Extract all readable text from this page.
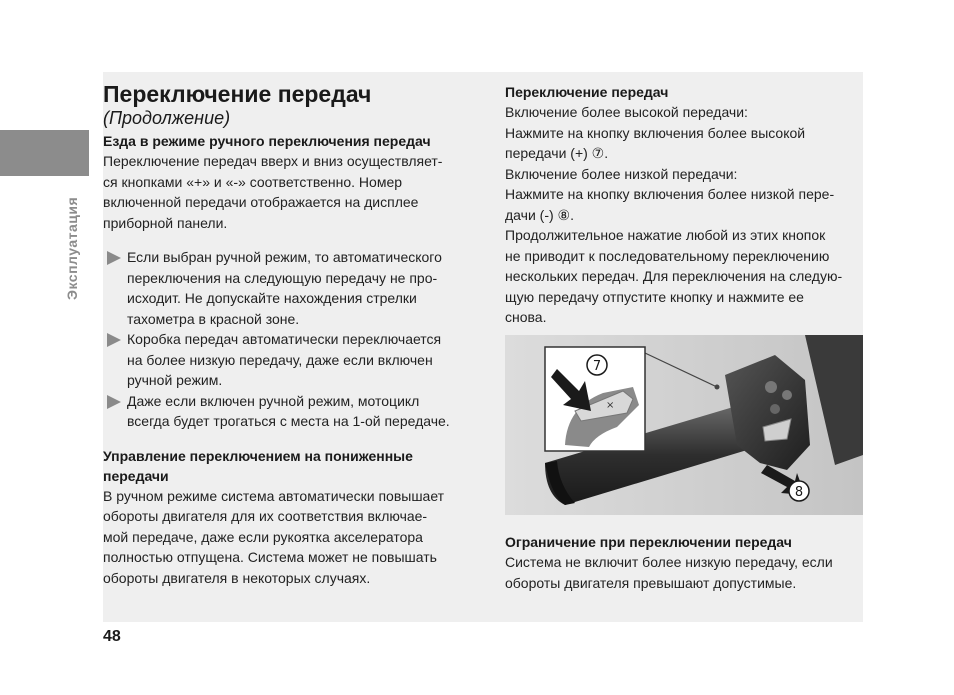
Эксплуатация
Переключение передач

(Продолжение)

Езда в режиме ручного переключения передач

Переключение передач вверх и вниз осуществляет-

ся кнопками «+» и «-» соответственно. Номер

включенной передачи отображается на дисплее

приборной панели.

Если выбран ручной режим, то автоматического
переключения на следующую передачу не про-
исходит. Не допускайте нахождения стрелки
тахометра в красной зоне.
Коробка передач автоматически переключается
на более низкую передачу, даже если включен
ручной режим.
Даже если включен ручной режим, мотоцикл
всегда будет трогаться с места на 1-ой передаче.

Управление переключением на пониженные

передачи

В ручном режиме система автоматически повышает

обороты двигателя для их соответствия включае-

мой передаче, даже если рукоятка акселератора

полностью отпущена. Система может не повышать

обороты двигателя в некоторых случаях.

Переключение передач

Включение более высокой передачи:

Нажмите на кнопку включения более высокой

передачи (+) ⑦.

Включение более низкой передачи:

Нажмите на кнопку включения более низкой пере-

дачи (-) ⑧.

Продолжительное нажатие любой из этих кнопок

не приводит к последовательному переключению

нескольких передач. Для переключения на следую-

щую передачу отпустите кнопку и нажмите ее

снова.

×
7
8

Ограничение при переключении передач

Система не включит более низкую передачу, если

обороты двигателя превышают допустимые.

48
